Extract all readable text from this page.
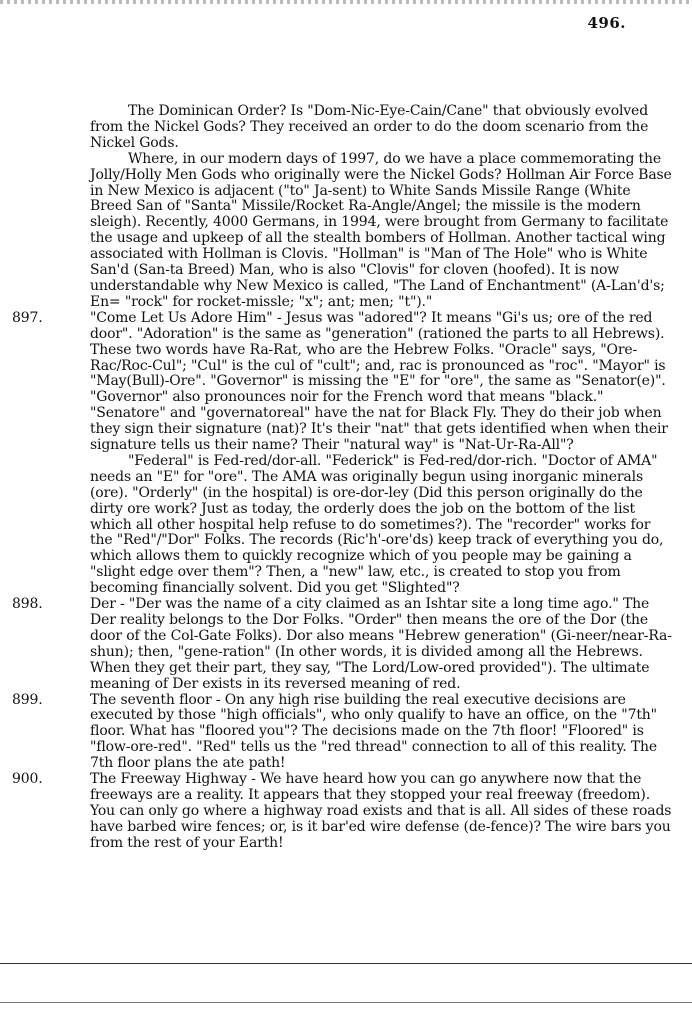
496.
The Dominican Order? Is "Dom-Nic-Eye-Cain/Cane" that obviously evolved from the Nickel Gods? They received an order to do the doom scenario from the Nickel Gods.
Where, in our modern days of 1997, do we have a place commemorating the Jolly/Holly Men Gods who originally were the Nickel Gods? Hollman Air Force Base in New Mexico is adjacent ("to" Ja-sent) to White Sands Missile Range (White Breed San of "Santa" Missile/Rocket Ra-Angle/Angel; the missile is the modern sleigh). Recently, 4000 Germans, in 1994, were brought from Germany to facilitate the usage and upkeep of all the stealth bombers of Hollman. Another tactical wing associated with Hollman is Clovis. "Hollman" is "Man of The Hole" who is White San'd (San-ta Breed) Man, who is also "Clovis" for cloven (hoofed). It is now understandable why New Mexico is called, "The Land of Enchantment" (A-Lan'd's; En= "rock" for rocket-missle; "x"; ant; men; "t")."
897.	"Come Let Us Adore Him" - Jesus was "adored"? It means "Gi's us; ore of the red door". "Adoration" is the same as "generation" (rationed the parts to all Hebrews). These two words have Ra-Rat, who are the Hebrew Folks. "Oracle" says, "Ore-Rac/Roc-Cul"; "Cul" is the cul of "cult"; and, rac is pronounced as "roc". "Mayor" is "May(Bull)-Ore". "Governor" is missing the "E" for "ore", the same as "Senator(e)". "Governor" also pronounces noir for the French word that means "black." "Senatore" and "governatoreal" have the nat for Black Fly. They do their job when they sign their signature (nat)? It's their "nat" that gets identified when when their signature tells us their name? Their "natural way" is "Nat-Ur-Ra-All"?
"Federal" is Fed-red/dor-all. "Federick" is Fed-red/dor-rich. "Doctor of AMA" needs an "E" for "ore". The AMA was originally begun using inorganic minerals (ore). "Orderly" (in the hospital) is ore-dor-ley (Did this person originally do the dirty ore work? Just as today, the orderly does the job on the bottom of the list which all other hospital help refuse to do sometimes?). The "recorder" works for the "Red"/"Dor" Folks. The records (Ric'h'-ore'ds) keep track of everything you do, which allows them to quickly recognize which of you people may be gaining a "slight edge over them"? Then, a "new" law, etc., is created to stop you from becoming financially solvent. Did you get "Slighted"?
898.	Der - "Der was the name of a city claimed as an Ishtar site a long time ago." The Der reality belongs to the Dor Folks. "Order" then means the ore of the Dor (the door of the Col-Gate Folks). Dor also means "Hebrew generation" (Gi-neer/near-Ra-shun); then, "gene-ration" (In other words, it is divided among all the Hebrews. When they get their part, they say, "The Lord/Low-ored provided"). The ultimate meaning of Der exists in its reversed meaning of red.
899.	The seventh floor - On any high rise building the real executive decisions are executed by those "high officials", who only qualify to have an office, on the "7th" floor. What has "floored you"? The decisions made on the 7th floor! "Floored" is "flow-ore-red". "Red" tells us the "red thread" connection to all of this reality. The 7th floor plans the ate path!
900.	The Freeway Highway - We have heard how you can go anywhere now that the freeways are a reality. It appears that they stopped your real freeway (freedom). You can only go where a highway road exists and that is all. All sides of these roads have barbed wire fences; or, is it bar'ed wire defense (de-fence)? The wire bars you from the rest of your Earth!
